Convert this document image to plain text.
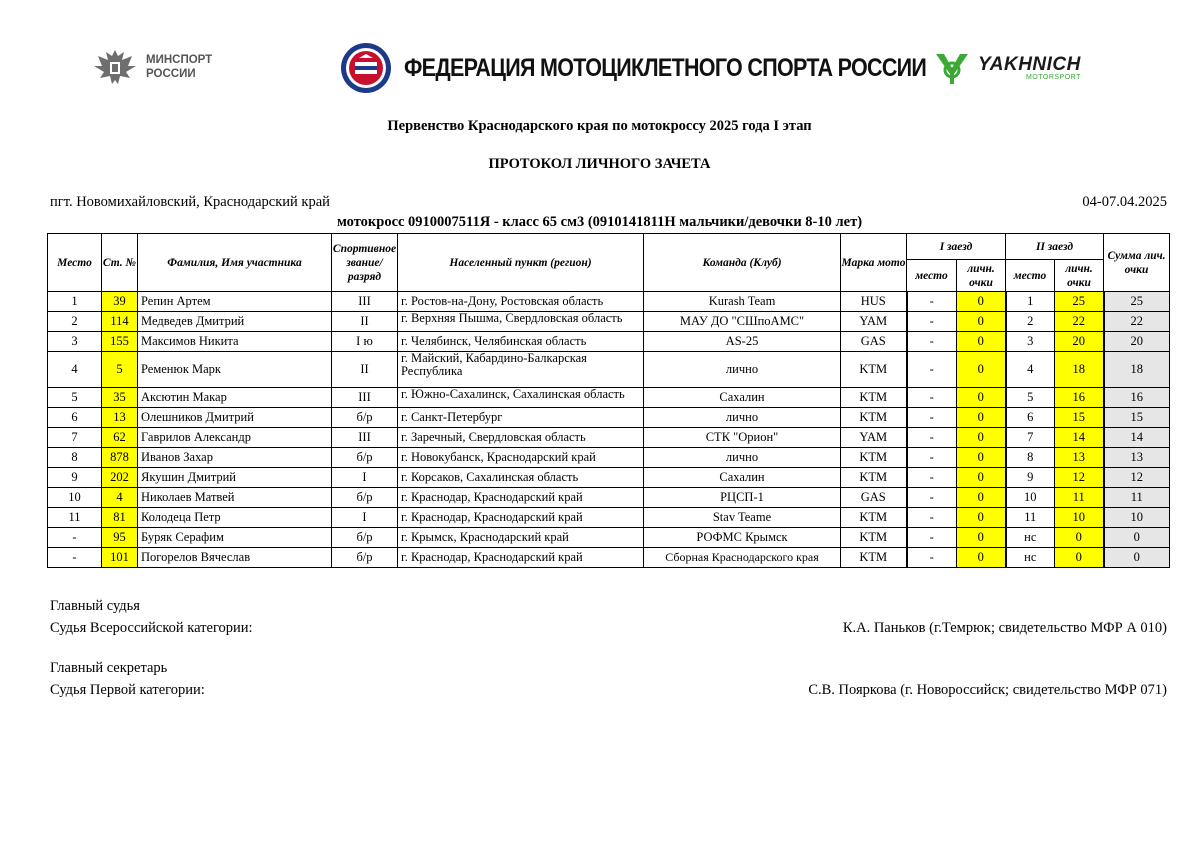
МИНСПОРТ
РОССИИ	ФЕДЕРАЦИЯ МОТОЦИКЛЕТНОГО СПОРТА РОССИИ	YAKHNICH
MOTORSPORT
Первенство Краснодарского края по мотокроссу 2025 года I этап
ПРОТОКОЛ ЛИЧНОГО ЗАЧЕТА
пгт. Новомихайловский, Краснодарский край	04-07.04.2025
мотокросс 0910007511Я - класс 65 см3 (0910141811Н мальчики/девочки 8-10 лет)
Место	Ст. №	Фамилия, Имя участника	Спортивное звание/разряд	Населенный пункт (регион)	Команда (Клуб)	Марка мото	I заезд		II заезд		Сумма лич. очки
							место	личн. очки	место	личн. очки	
1	39	Репин Артем	III	г. Ростов-на-Дону, Ростовская область	Kurash Team	HUS	-	0	1	25	25
2	114	Медведев Дмитрий	II	г. Верхняя Пышма, Свердловская область	МАУ ДО "СШпоАМС"	YAM	-	0	2	22	22
3	155	Максимов Никита	I ю	г. Челябинск, Челябинская область	AS-25	GAS	-	0	3	20	20
4	5	Ременюк Марк	II	г. Майский, Кабардино-Балкарская Республика	лично	KTM	-	0	4	18	18
5	35	Аксютин Макар	III	г. Южно-Сахалинск, Сахалинская область	Сахалин	KTM	-	0	5	16	16
6	13	Олешников Дмитрий	б/р	г. Санкт-Петербург	лично	KTM	-	0	6	15	15
7	62	Гаврилов Александр	III	г. Заречный, Свердловская область	СТК "Орион"	YAM	-	0	7	14	14
8	878	Иванов Захар	б/р	г. Новокубанск, Краснодарский край	лично	KTM	-	0	8	13	13
9	202	Якушин Дмитрий	I	г. Корсаков, Сахалинская область	Сахалин	KTM	-	0	9	12	12
10	4	Николаев Матвей	б/р	г. Краснодар, Краснодарский край	РЦСП-1	GAS	-	0	10	11	11
11	81	Колодеца Петр	I	г. Краснодар, Краснодарский край	Stav Teame	KTM	-	0	11	10	10
-	95	Буряк Серафим	б/р	г. Крымск, Краснодарский край	РОФМС Крымск	KTM	-	0	нс	0	0
-	101	Погорелов Вячеслав	б/р	г. Краснодар, Краснодарский край	Сборная Краснодарского края	KTM	-	0	нс	0	0
Главный судья
Судья Всероссийской категории:	К.А. Паньков (г.Темрюк; свидетельство МФР А 010)
Главный секретарь
Судья Первой категории:	С.В. Пояркова (г. Новороссийск; свидетельство МФР 071)
